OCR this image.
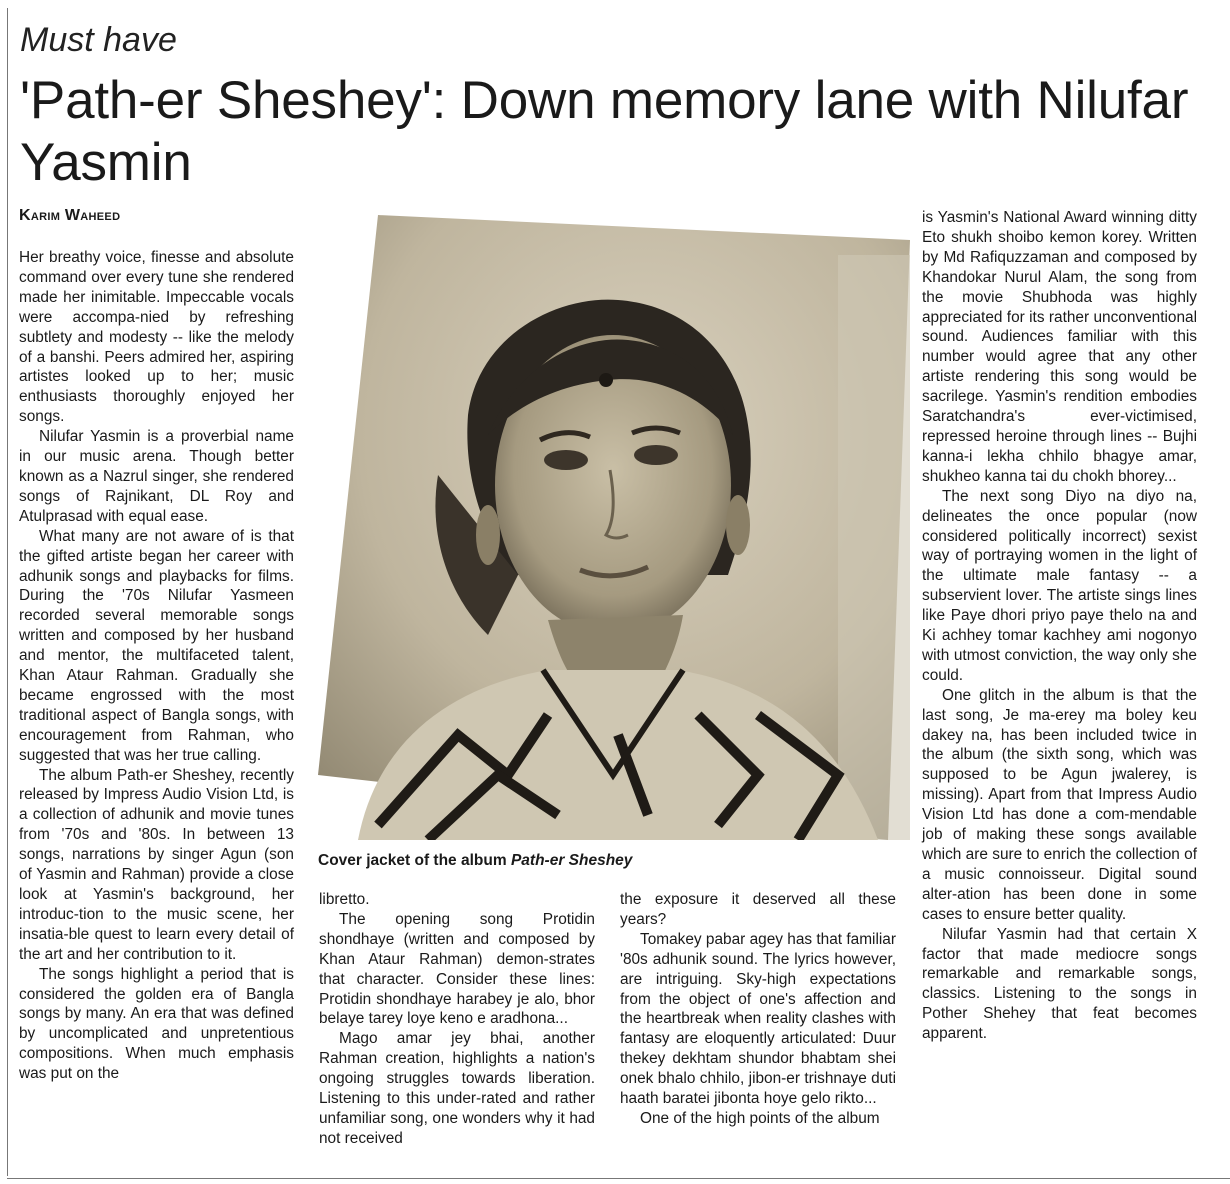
Must have
'Path-er Sheshey': Down memory lane with Nilufar Yasmin
Karim Waheed

Her breathy voice, finesse and absolute command over every tune she rendered made her inimitable. Impeccable vocals were accompa-nied by refreshing subtlety and modesty -- like the melody of a banshi. Peers admired her, aspiring artistes looked up to her; music enthusiasts thoroughly enjoyed her songs.

Nilufar Yasmin is a proverbial name in our music arena. Though better known as a Nazrul singer, she rendered songs of Rajnikant, DL Roy and Atulprasad with equal ease.

What many are not aware of is that the gifted artiste began her career with adhunik songs and playbacks for films. During the '70s Nilufar Yasmeen recorded several memorable songs written and composed by her husband and mentor, the multifaceted talent, Khan Ataur Rahman. Gradually she became engrossed with the most traditional aspect of Bangla songs, with encouragement from Rahman, who suggested that was her true calling.

The album Path-er Sheshey, recently released by Impress Audio Vision Ltd, is a collection of adhunik and movie tunes from '70s and '80s. In between 13 songs, narrations by singer Agun (son of Yasmin and Rahman) provide a close look at Yasmin's background, her introduc-tion to the music scene, her insatia-ble quest to learn every detail of the art and her contribution to it.

The songs highlight a period that is considered the golden era of Bangla songs by many. An era that was defined by uncomplicated and unpretentious compositions. When much emphasis was put on the

Cover jacket of the album Path-er Sheshey

libretto.

The opening song Protidin shondhaye (written and composed by Khan Ataur Rahman) demon-strates that character. Consider these lines: Protidin shondhaye harabey je alo, bhor belaye tarey loye keno e aradhona...

Mago amar jey bhai, another Rahman creation, highlights a nation's ongoing struggles towards liberation. Listening to this under-rated and rather unfamiliar song, one wonders why it had not received

the exposure it deserved all these years?

Tomakey pabar agey has that familiar '80s adhunik sound. The lyrics however, are intriguing. Sky-high expectations from the object of one's affection and the heartbreak when reality clashes with fantasy are eloquently articulated: Duur thekey dekhtam shundor bhabtam shei onek bhalo chhilo, jibon-er trishnaye duti haath baratei jibonta hoye gelo rikto...

One of the high points of the album

is Yasmin's National Award winning ditty Eto shukh shoibo kemon korey. Written by Md Rafiquzzaman and composed by Khandokar Nurul Alam, the song from the movie Shubhoda was highly appreciated for its rather unconventional sound. Audiences familiar with this number would agree that any other artiste rendering this song would be sacrilege. Yasmin's rendition embodies Saratchandra's ever-victimised, repressed heroine through lines -- Bujhi kanna-i lekha chhilo bhagye amar, shukheo kanna tai du chokh bhorey...

The next song Diyo na diyo na, delineates the once popular (now considered politically incorrect) sexist way of portraying women in the light of the ultimate male fantasy -- a subservient lover. The artiste sings lines like Paye dhori priyo paye thelo na and Ki achhey tomar kachhey ami nogonyo with utmost conviction, the way only she could.

One glitch in the album is that the last song, Je ma-erey ma boley keu dakey na, has been included twice in the album (the sixth song, which was supposed to be Agun jwalerey, is missing). Apart from that Impress Audio Vision Ltd has done a com-mendable job of making these songs available which are sure to enrich the collection of a music connoisseur. Digital sound alter-ation has been done in some cases to ensure better quality.

Nilufar Yasmin had that certain X factor that made mediocre songs remarkable and remarkable songs, classics. Listening to the songs in Pother Shehey that feat becomes apparent.
